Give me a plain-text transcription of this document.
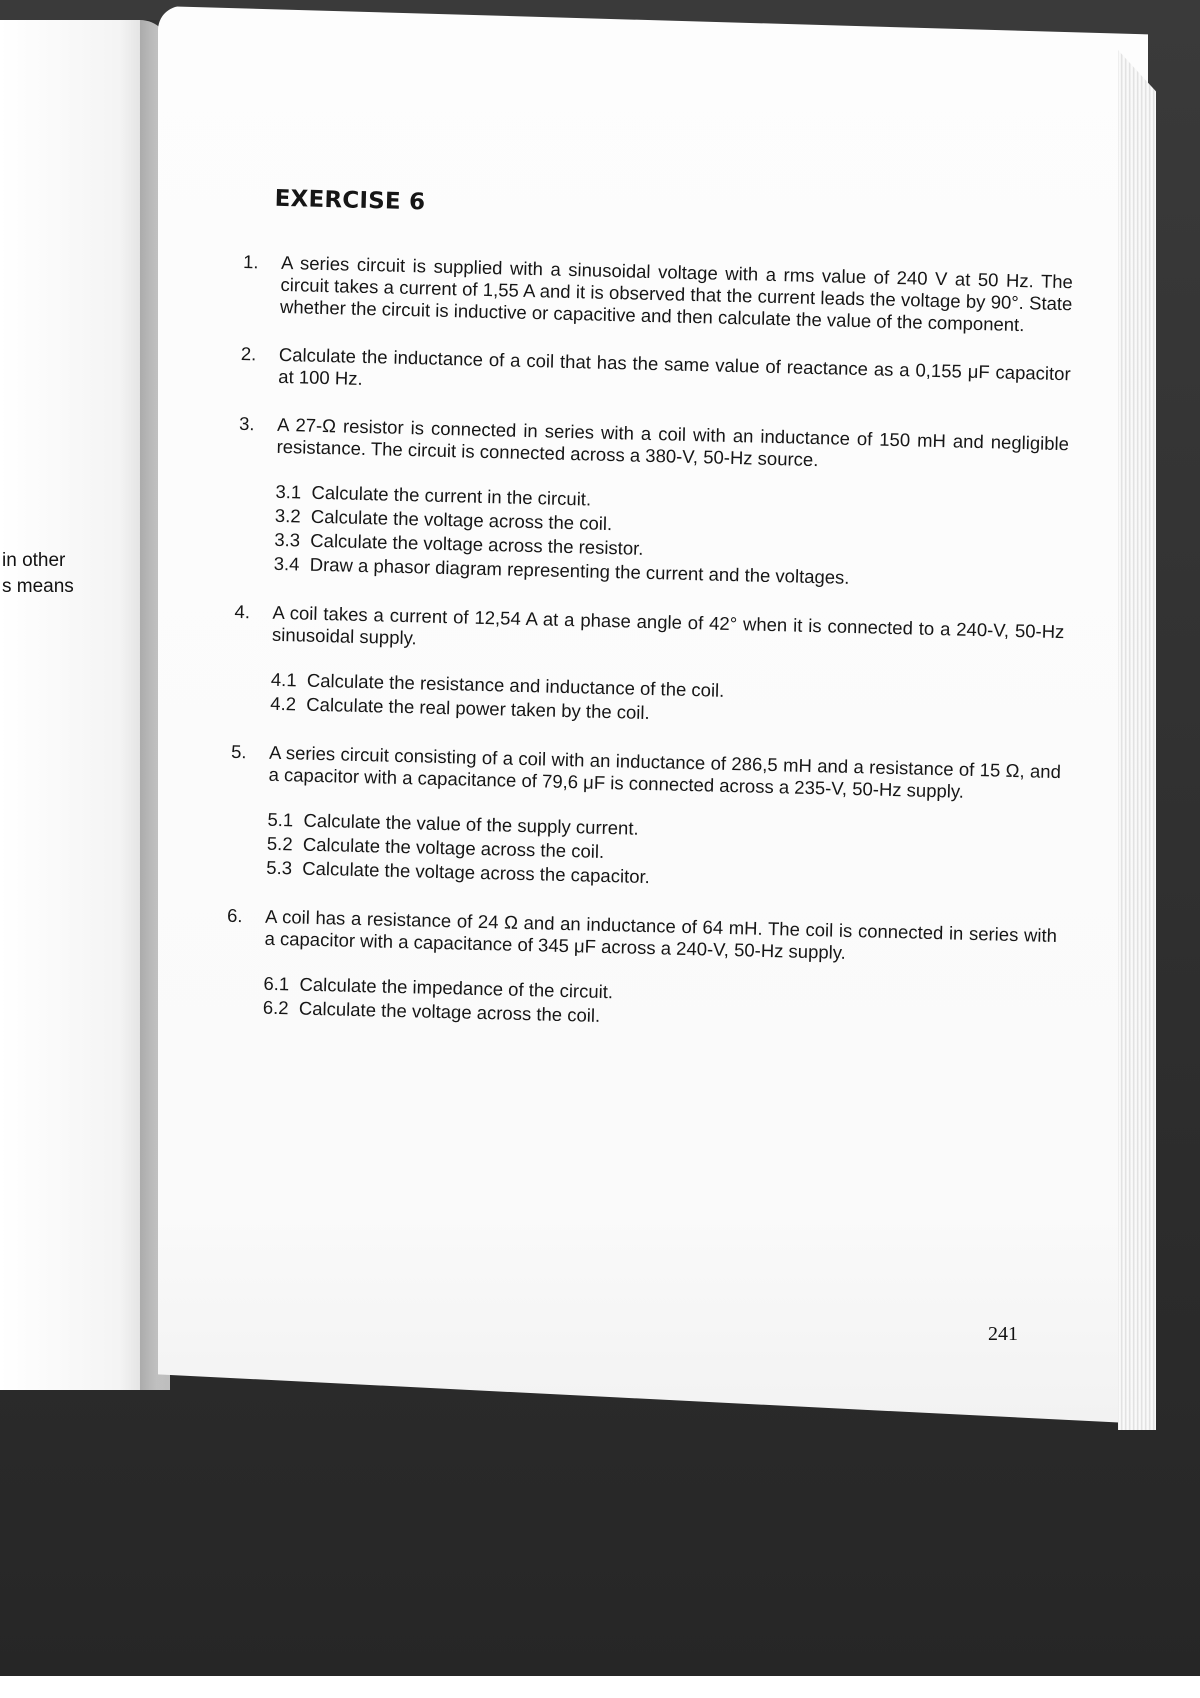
in other
s means
EXERCISE 6
1. A series circuit is supplied with a sinusoidal voltage with a rms value of 240 V at 50 Hz. The circuit takes a current of 1,55 A and it is observed that the current leads the voltage by 90°. State whether the circuit is inductive or capacitive and then calculate the value of the component.
2. Calculate the inductance of a coil that has the same value of reactance as a 0,155 μF capacitor at 100 Hz.
3. A 27-Ω resistor is connected in series with a coil with an inductance of 150 mH and negligible resistance. The circuit is connected across a 380-V, 50-Hz source.
3.1 Calculate the current in the circuit.
3.2 Calculate the voltage across the coil.
3.3 Calculate the voltage across the resistor.
3.4 Draw a phasor diagram representing the current and the voltages.
4. A coil takes a current of 12,54 A at a phase angle of 42° when it is connected to a 240-V, 50-Hz sinusoidal supply.
4.1 Calculate the resistance and inductance of the coil.
4.2 Calculate the real power taken by the coil.
5. A series circuit consisting of a coil with an inductance of 286,5 mH and a resistance of 15 Ω, and a capacitor with a capacitance of 79,6 μF is connected across a 235-V, 50-Hz supply.
5.1 Calculate the value of the supply current.
5.2 Calculate the voltage across the coil.
5.3 Calculate the voltage across the capacitor.
6. A coil has a resistance of 24 Ω and an inductance of 64 mH. The coil is connected in series with a capacitor with a capacitance of 345 μF across a 240-V, 50-Hz supply.
6.1 Calculate the impedance of the circuit.
6.2 Calculate the voltage across the coil.
241
